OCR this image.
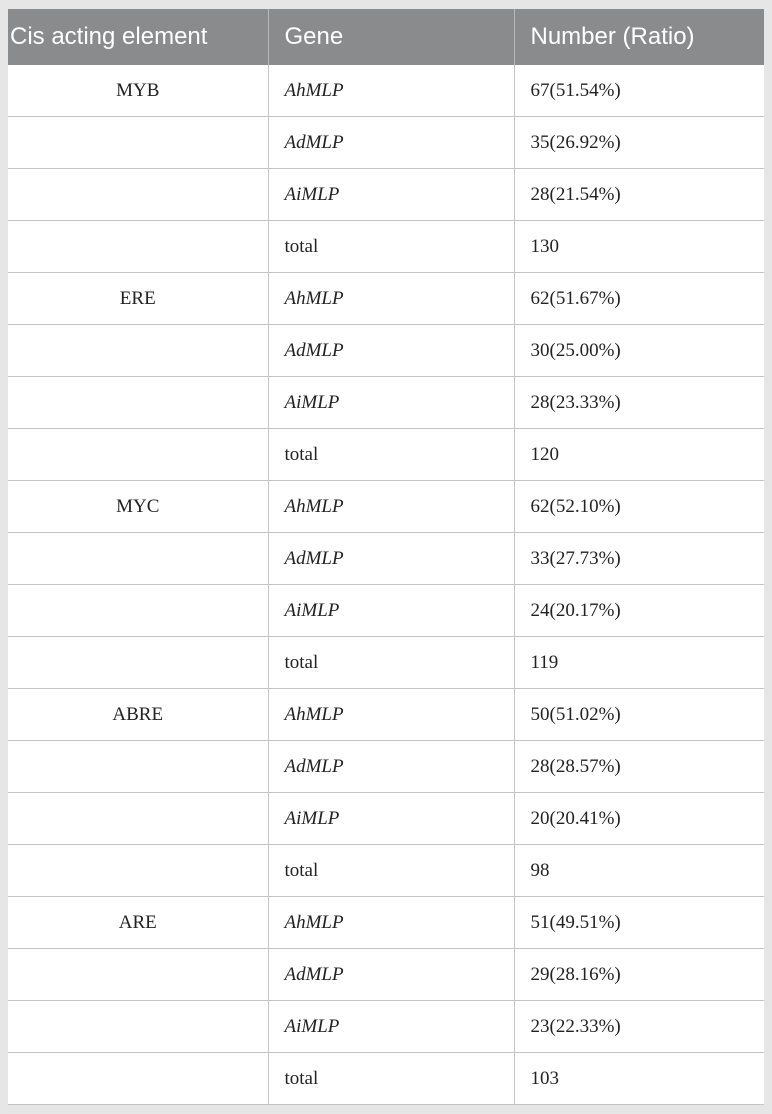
Cis acting element	Gene	Number (Ratio)
MYB	AhMLP	67(51.54%)
	AdMLP	35(26.92%)
	AiMLP	28(21.54%)
	total	130
ERE	AhMLP	62(51.67%)
	AdMLP	30(25.00%)
	AiMLP	28(23.33%)
	total	120
MYC	AhMLP	62(52.10%)
	AdMLP	33(27.73%)
	AiMLP	24(20.17%)
	total	119
ABRE	AhMLP	50(51.02%)
	AdMLP	28(28.57%)
	AiMLP	20(20.41%)
	total	98
ARE	AhMLP	51(49.51%)
	AdMLP	29(28.16%)
	AiMLP	23(22.33%)
	total	103
